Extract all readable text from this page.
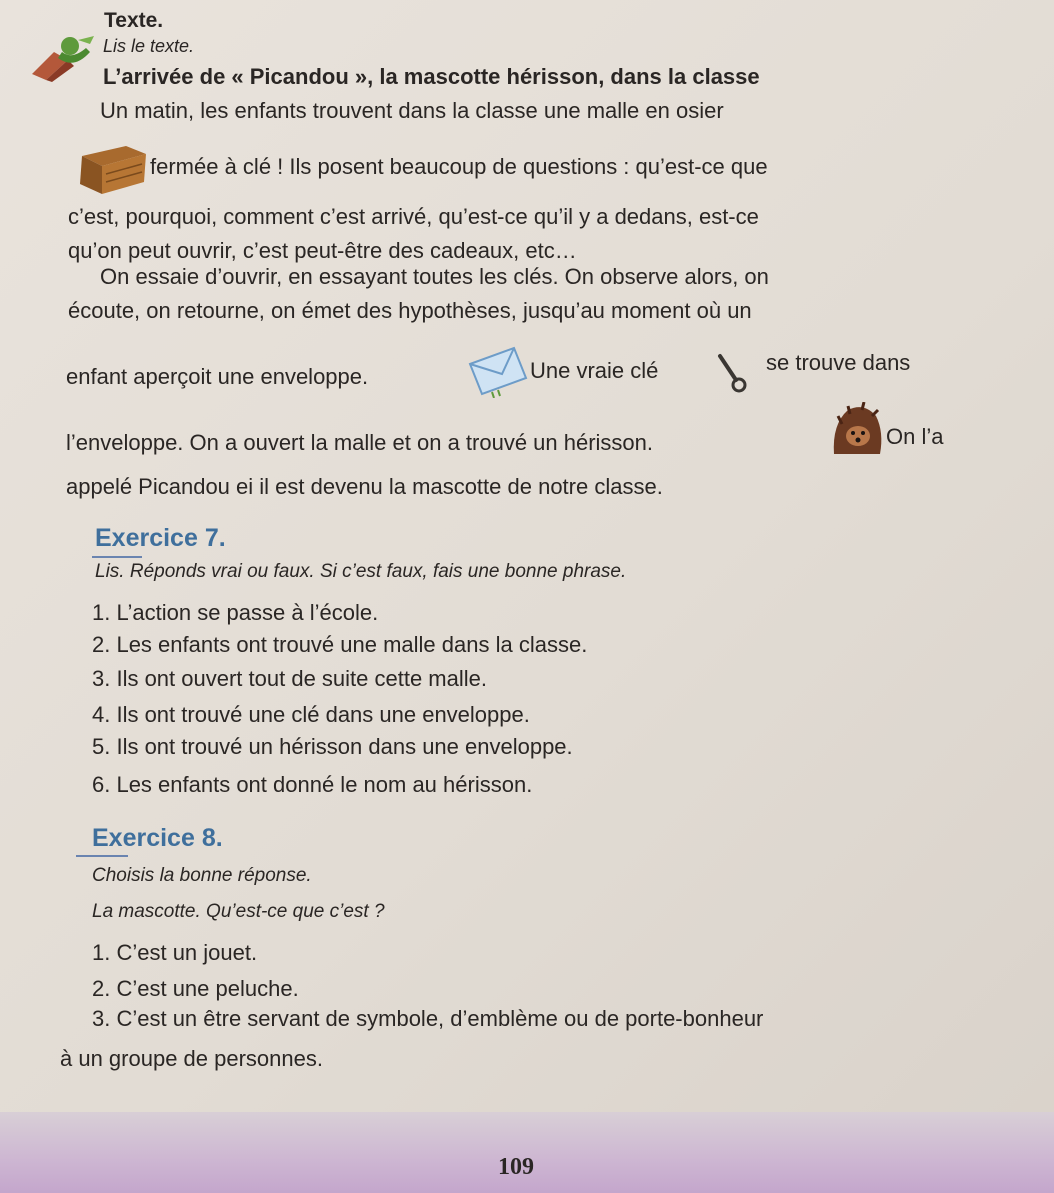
Texte.
Lis le texte.
L’arrivée de « Picandou », la mascotte hérisson, dans la classe
Un matin, les enfants trouvent dans la classe une malle en osier
fermée à clé ! Ils posent beaucoup de questions : qu’est-ce que
c’est, pourquoi, comment c’est arrivé, qu’est-ce qu’il y a dedans, est-ce
qu’on peut ouvrir, c’est peut-être des cadeaux, etc…
On essaie d’ouvrir, en essayant toutes les clés. On observe alors, on
écoute, on retourne, on émet des hypothèses, jusqu’au moment où un
enfant aperçoit une enveloppe.	Une vraie clé	se trouve dans
l’enveloppe. On a ouvert la malle et on a trouvé un hérisson.	On l’a
appelé Picandou ei il est devenu la mascotte de notre classe.
Exercice 7.
Lis. Réponds vrai ou faux. Si c’est faux, fais une bonne phrase.
1. L’action se passe à l’école.
2. Les enfants ont trouvé une malle dans la classe.
3. Ils ont ouvert tout de suite cette malle.
4. Ils ont trouvé une clé dans une enveloppe.
5. Ils ont trouvé un hérisson dans une enveloppe.
6. Les enfants ont donné le nom au hérisson.
Exercice 8.
Choisis la bonne réponse.
La mascotte. Qu’est-ce que c’est ?
1. C’est un jouet.
2. C’est une peluche.
3. C’est un être servant de symbole, d’emblème ou de porte-bonheur
à un groupe de personnes.
109
